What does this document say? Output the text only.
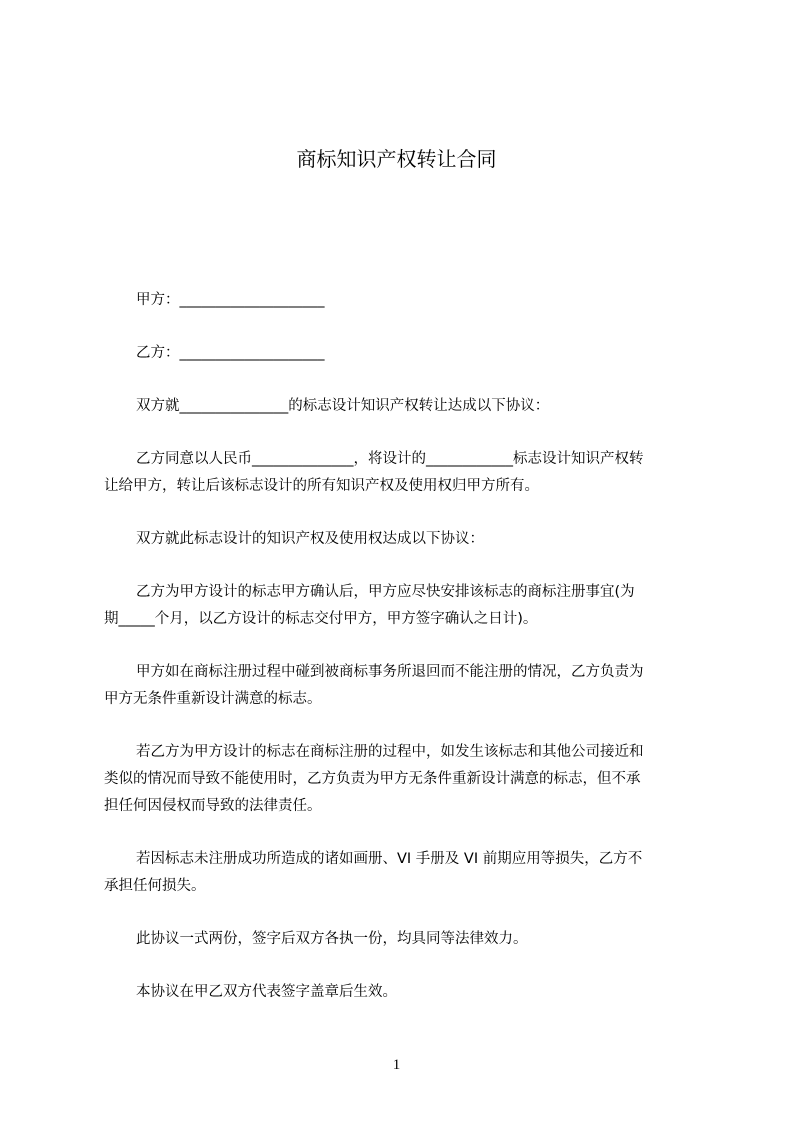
商标知识产权转让合同
甲方：____________________
乙方：____________________
双方就_______________的标志设计知识产权转让达成以下协议：
乙方同意以人民币______________，将设计的____________标志设计知识产权转
让给甲方，转让后该标志设计的所有知识产权及使用权归甲方所有。
双方就此标志设计的知识产权及使用权达成以下协议：
乙方为甲方设计的标志甲方确认后，甲方应尽快安排该标志的商标注册事宜(为
期_____个月，以乙方设计的标志交付甲方，甲方签字确认之日计)。
甲方如在商标注册过程中碰到被商标事务所退回而不能注册的情况，乙方负责为
甲方无条件重新设计满意的标志。
若乙方为甲方设计的标志在商标注册的过程中，如发生该标志和其他公司接近和
类似的情况而导致不能使用时，乙方负责为甲方无条件重新设计满意的标志，但不承
担任何因侵权而导致的法律责任。
若因标志未注册成功所造成的诸如画册、VI 手册及 VI 前期应用等损失，乙方不
承担任何损失。
此协议一式两份，签字后双方各执一份，均具同等法律效力。
本协议在甲乙双方代表签字盖章后生效。
1
